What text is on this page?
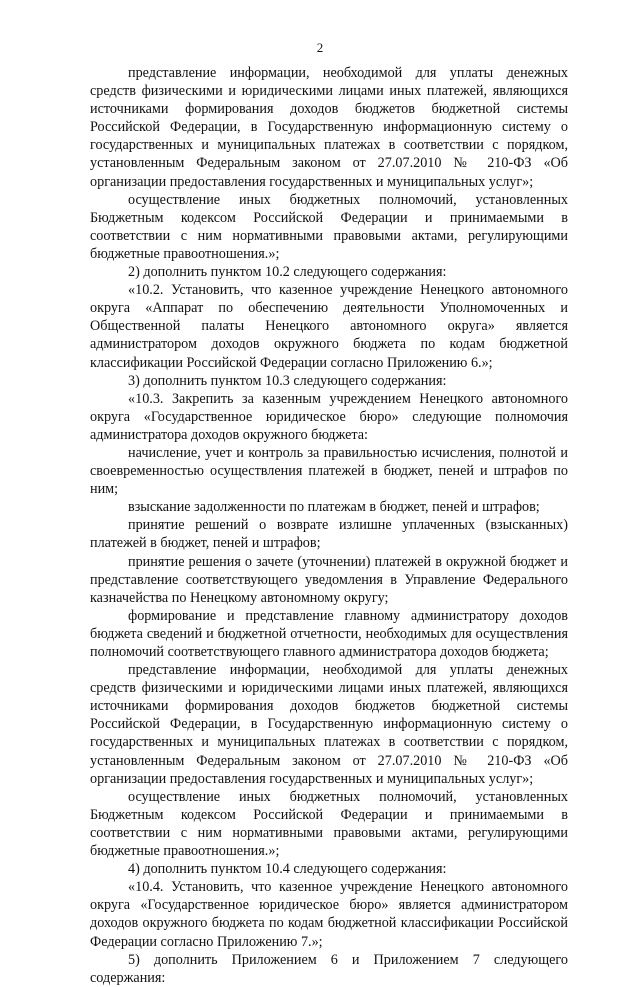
2

представление информации, необходимой для уплаты денежных средств физическими и юридическими лицами иных платежей, являющихся источниками формирования доходов бюджетов бюджетной системы Российской Федерации, в Государственную информационную систему о государственных и муниципальных платежах в соответствии с порядком, установленным Федеральным законом от 27.07.2010 № 210-ФЗ «Об организации предоставления государственных и муниципальных услуг»;

осуществление иных бюджетных полномочий, установленных Бюджетным кодексом Российской Федерации и принимаемыми в соответствии с ним нормативными правовыми актами, регулирующими бюджетные правоотношения.»;

2) дополнить пунктом 10.2 следующего содержания:

«10.2. Установить, что казенное учреждение Ненецкого автономного округа «Аппарат по обеспечению деятельности Уполномоченных и Общественной палаты Ненецкого автономного округа» является администратором доходов окружного бюджета по кодам бюджетной классификации Российской Федерации согласно Приложению 6.»;

3) дополнить пунктом 10.3 следующего содержания:

«10.3. Закрепить за казенным учреждением Ненецкого автономного округа «Государственное юридическое бюро» следующие полномочия администратора доходов окружного бюджета:

начисление, учет и контроль за правильностью исчисления, полнотой и своевременностью осуществления платежей в бюджет, пеней и штрафов по ним;

взыскание задолженности по платежам в бюджет, пеней и штрафов;

принятие решений о возврате излишне уплаченных (взысканных) платежей в бюджет, пеней и штрафов;

принятие решения о зачете (уточнении) платежей в окружной бюджет и представление соответствующего уведомления в Управление Федерального казначейства по Ненецкому автономному округу;

формирование и представление главному администратору доходов бюджета сведений и бюджетной отчетности, необходимых для осуществления полномочий соответствующего главного администратора доходов бюджета;

представление информации, необходимой для уплаты денежных средств физическими и юридическими лицами иных платежей, являющихся источниками формирования доходов бюджетов бюджетной системы Российской Федерации, в Государственную информационную систему о государственных и муниципальных платежах в соответствии с порядком, установленным Федеральным законом от 27.07.2010 № 210-ФЗ «Об организации предоставления государственных и муниципальных услуг»;

осуществление иных бюджетных полномочий, установленных Бюджетным кодексом Российской Федерации и принимаемыми в соответствии с ним нормативными правовыми актами, регулирующими бюджетные правоотношения.»;

4) дополнить пунктом 10.4 следующего содержания:

«10.4. Установить, что казенное учреждение Ненецкого автономного округа «Государственное юридическое бюро» является администратором доходов окружного бюджета по кодам бюджетной классификации Российской Федерации согласно Приложению 7.»;

5) дополнить Приложением 6 и Приложением 7 следующего содержания:
